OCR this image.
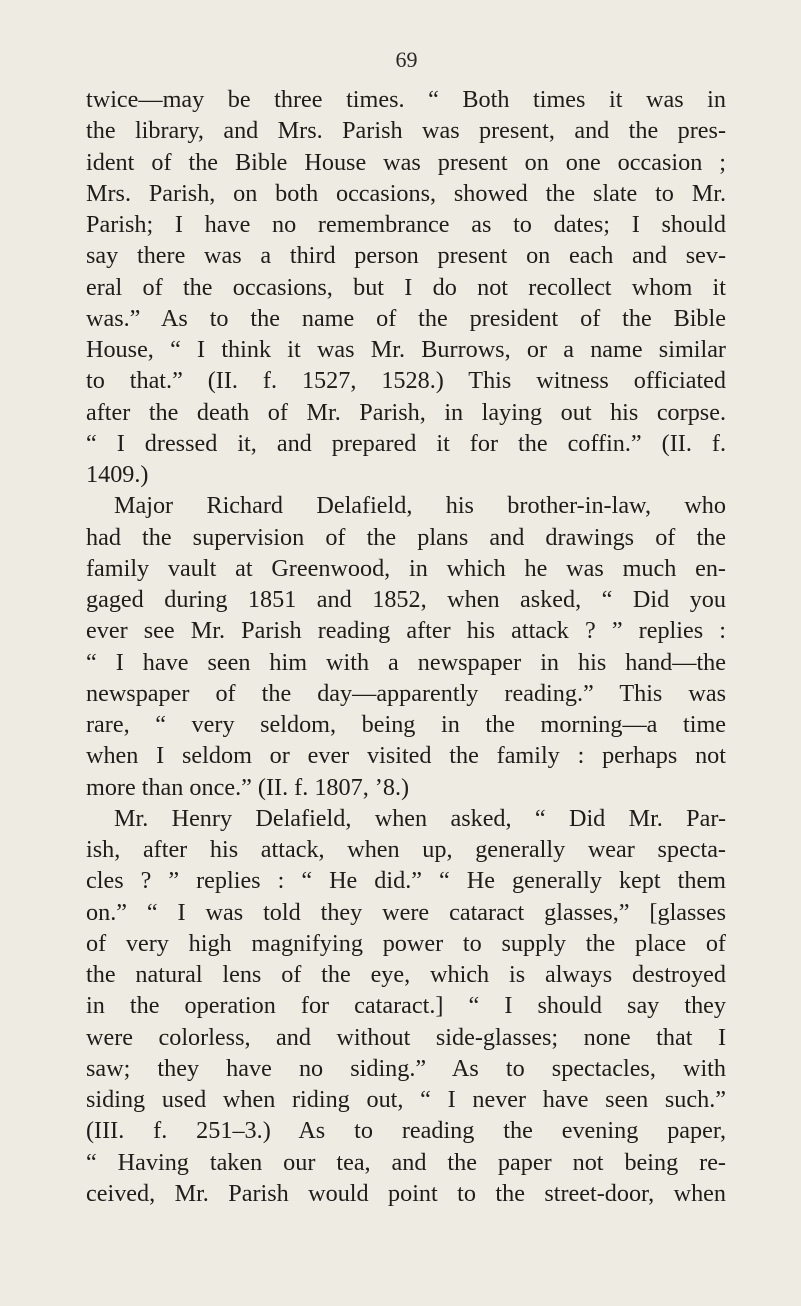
69
twice—may be three times. “ Both times it was in
the library, and Mrs. Parish was present, and the pres-
ident of the Bible House was present on one occasion ;
Mrs. Parish, on both occasions, showed the slate to Mr.
Parish; I have no remembrance as to dates; I should
say there was a third person present on each and sev-
eral of the occasions, but I do not recollect whom it
was.” As to the name of the president of the Bible
House, “ I think it was Mr. Burrows, or a name similar
to that.” (II. f. 1527, 1528.) This witness officiated
after the death of Mr. Parish, in laying out his corpse.
“ I dressed it, and prepared it for the coffin.” (II. f.
1409.)
Major Richard Delafield, his brother-in-law, who
had the supervision of the plans and drawings of the
family vault at Greenwood, in which he was much en-
gaged during 1851 and 1852, when asked, “ Did you
ever see Mr. Parish reading after his attack ? ” replies :
“ I have seen him with a newspaper in his hand—the
newspaper of the day—apparently reading.” This was
rare, “ very seldom, being in the morning—a time
when I seldom or ever visited the family : perhaps not
more than once.” (II. f. 1807, ’8.)
Mr. Henry Delafield, when asked, “ Did Mr. Par-
ish, after his attack, when up, generally wear specta-
cles ? ” replies : “ He did.” “ He generally kept them
on.” “ I was told they were cataract glasses,” [glasses
of very high magnifying power to supply the place of
the natural lens of the eye, which is always destroyed
in the operation for cataract.] “ I should say they
were colorless, and without side-glasses; none that I
saw; they have no siding.” As to spectacles, with
siding used when riding out, “ I never have seen such.”
(III. f. 251–3.) As to reading the evening paper,
“ Having taken our tea, and the paper not being re-
ceived, Mr. Parish would point to the street-door, when
